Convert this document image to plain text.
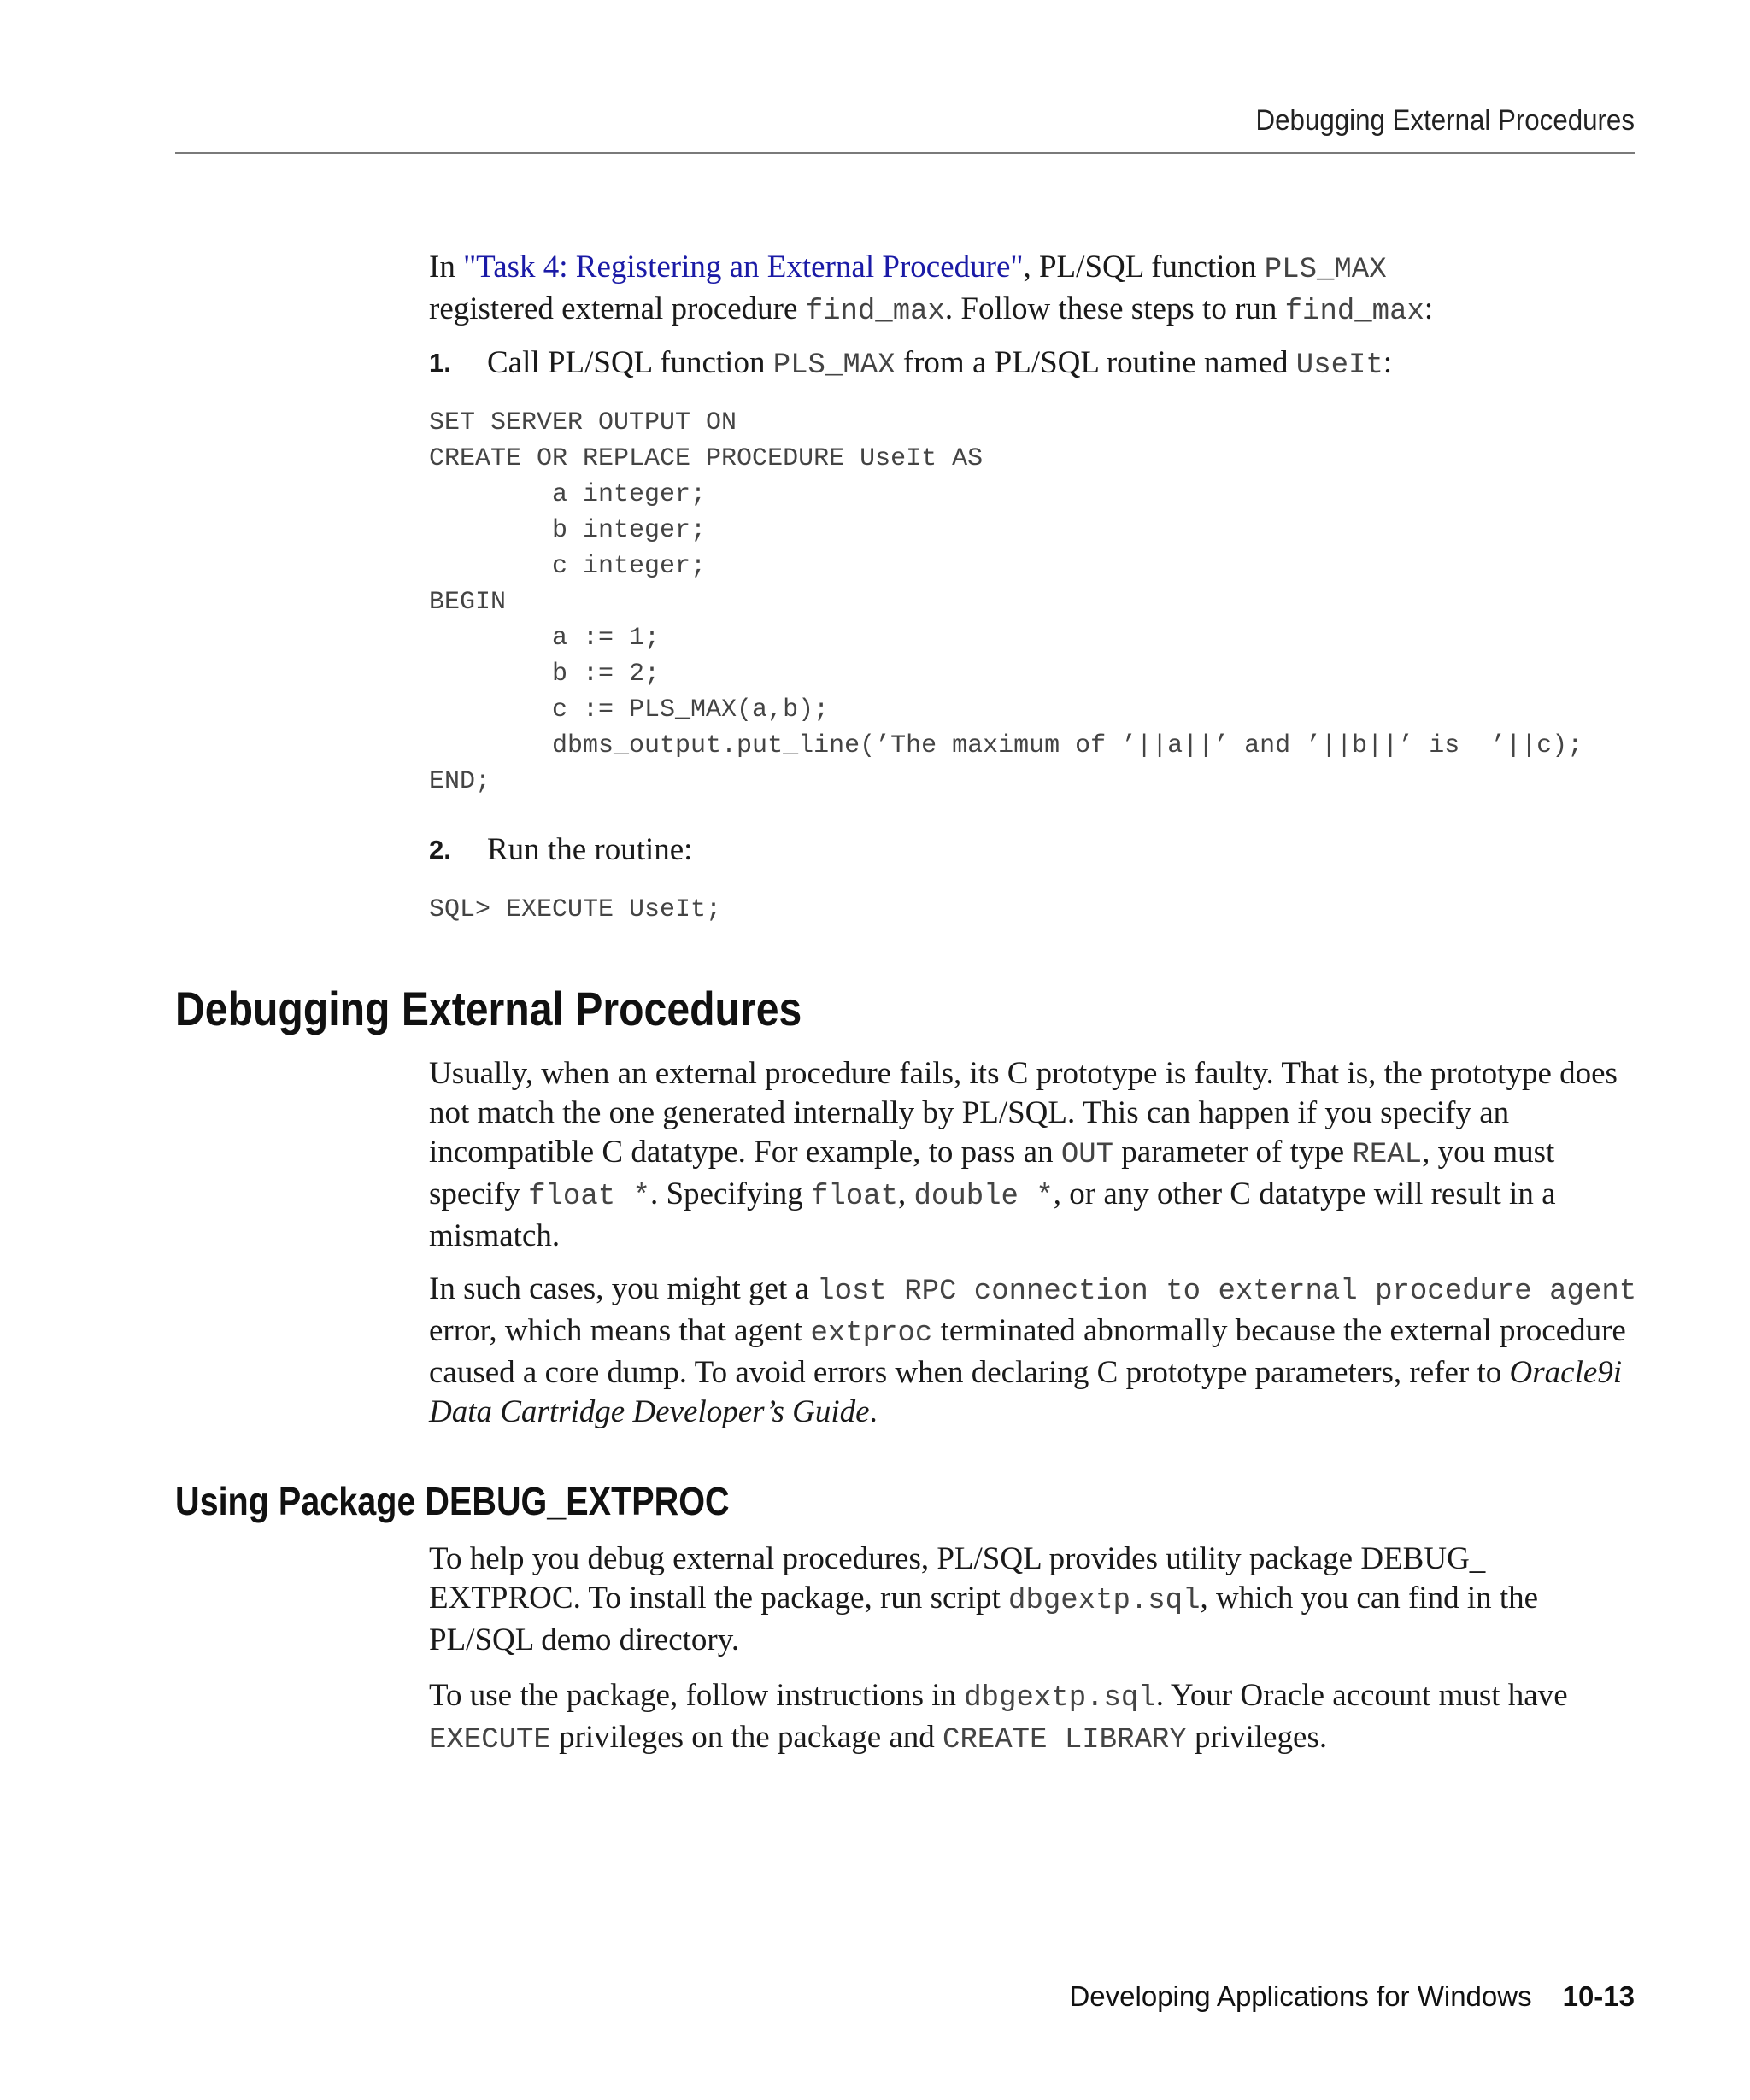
Debugging External Procedures

In "Task 4: Registering an External Procedure", PL/SQL function PLS_MAX
registered external procedure find_max. Follow these steps to run find_max:

1. Call PL/SQL function PLS_MAX from a PL/SQL routine named UseIt:
SET SERVER OUTPUT ON
CREATE OR REPLACE PROCEDURE UseIt AS
a integer;
b integer;
c integer;
BEGIN
a := 1;
b := 2;
c := PLS_MAX(a,b);
dbms_output.put_line(’The maximum of ’||a||’ and ’||b||’ is  ’||c);
END;
2. Run the routine:
SQL> EXECUTE UseIt;
Debugging External Procedures

Usually, when an external procedure fails, its C prototype is faulty. That is, the prototype does not match the one generated internally by PL/SQL. This can happen if you specify an incompatible C datatype. For example, to pass an OUT parameter of type REAL, you must specify float *. Specifying float, double *, or any other C datatype will result in a mismatch.

In such cases, you might get a lost RPC connection to external procedure agent error, which means that agent extproc terminated abnormally because the external procedure caused a core dump. To avoid errors when declaring C prototype parameters, refer to Oracle9i Data Cartridge Developer’s Guide.

Using Package DEBUG_EXTPROC

To help you debug external procedures, PL/SQL provides utility package DEBUG_ EXTPROC. To install the package, run script dbgextp.sql, which you can find in the PL/SQL demo directory.

To use the package, follow instructions in dbgextp.sql. Your Oracle account must have EXECUTE privileges on the package and CREATE LIBRARY privileges.

Developing Applications for Windows 10-13
